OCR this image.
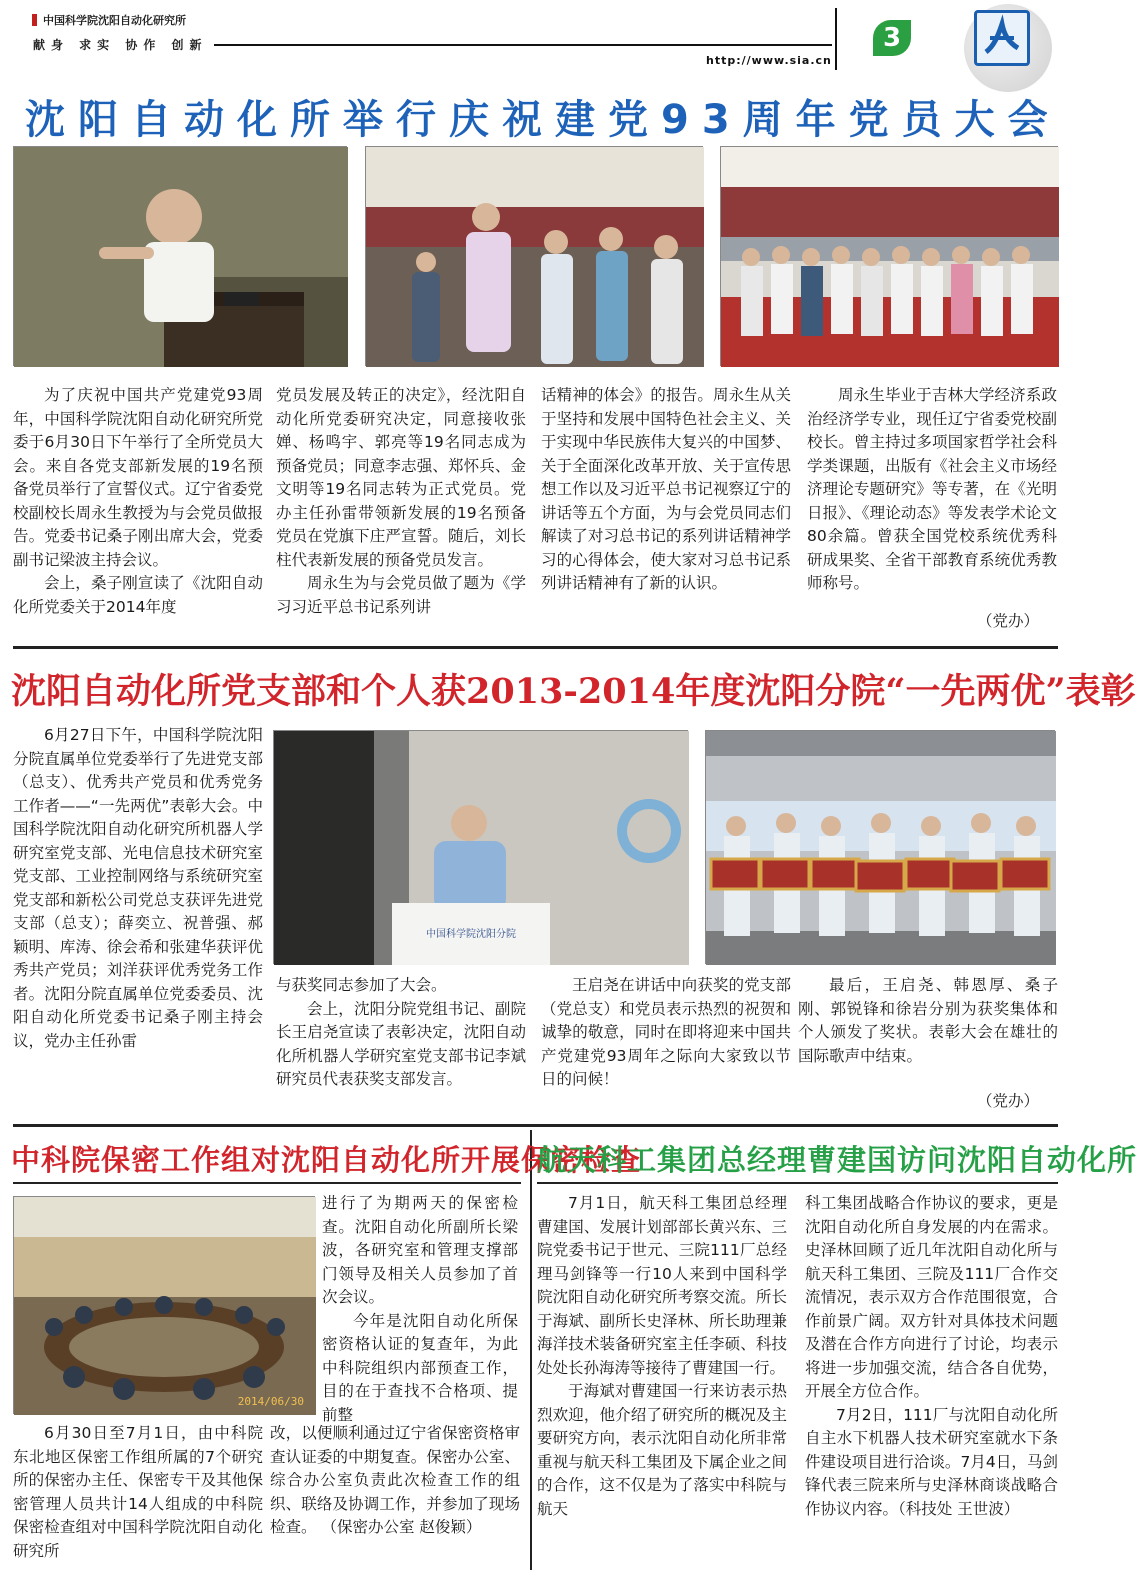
中国科学院沈阳自动化研究所
献身 求实 协作 创新
http://www.sia.cn
3
沈阳自动化所举行庆祝建党93周年党员大会

为了庆祝中国共产党建党93周年，中国科学院沈阳自动化研究所党委于6月30日下午举行了全所党员大会。来自各党支部新发展的19名预备党员举行了宣誓仪式。辽宁省委党校副校长周永生教授为与会党员做报告。党委书记桑子刚出席大会，党委副书记梁波主持会议。

会上，桑子刚宣读了《沈阳自动化所党委关于2014年度

党员发展及转正的决定》，经沈阳自动化所党委研究决定，同意接收张婵、杨鸣宇、郭亮等19名同志成为预备党员；同意李志强、郑怀兵、金文明等19名同志转为正式党员。党办主任孙雷带领新发展的19名预备党员在党旗下庄严宣誓。随后，刘长柱代表新发展的预备党员发言。

周永生为与会党员做了题为《学习习近平总书记系列讲

话精神的体会》的报告。周永生从关于坚持和发展中国特色社会主义、关于实现中华民族伟大复兴的中国梦、关于全面深化改革开放、关于宣传思想工作以及习近平总书记视察辽宁的讲话等五个方面，为与会党员同志们解读了对习总书记的系列讲话精神学习的心得体会，使大家对习总书记系列讲话精神有了新的认识。

周永生毕业于吉林大学经济系政治经济学专业，现任辽宁省委党校副校长。曾主持过多项国家哲学社会科学类课题，出版有《社会主义市场经济理论专题研究》等专著，在《光明日报》、《理论动态》等发表学术论文80余篇。曾获全国党校系统优秀科研成果奖、全省干部教育系统优秀教师称号。

（党办）
沈阳自动化所党支部和个人获2013-2014年度沈阳分院“一先两优”表彰

6月27日下午，中国科学院沈阳分院直属单位党委举行了先进党支部（总支）、优秀共产党员和优秀党务工作者——“一先两优”表彰大会。中国科学院沈阳自动化研究所机器人学研究室党支部、光电信息技术研究室党支部、工业控制网络与系统研究室党支部和新松公司党总支获评先进党支部（总支）；薛奕立、祝普强、郝颖明、库涛、徐会希和张建华获评优秀共产党员；刘洋获评优秀党务工作者。沈阳分院直属单位党委委员、沈阳自动化所党委书记桑子刚主持会议，党办主任孙雷

中国科学院沈阳分院

与获奖同志参加了大会。

会上，沈阳分院党组书记、副院长王启尧宣读了表彰决定，沈阳自动化所机器人学研究室党支部书记李斌研究员代表获奖支部发言。

王启尧在讲话中向获奖的党支部（党总支）和党员表示热烈的祝贺和诚挚的敬意，同时在即将迎来中国共产党建党93周年之际向大家致以节日的问候！

最后，王启尧、韩恩厚、桑子刚、郭锐锋和徐岩分别为获奖集体和个人颁发了奖状。表彰大会在雄壮的国际歌声中结束。

（党办）
中科院保密工作组对沈阳自动化所开展保密检查
2014/06/30

进行了为期两天的保密检查。沈阳自动化所副所长梁波，各研究室和管理支撑部门领导及相关人员参加了首次会议。

今年是沈阳自动化所保密资格认证的复查年，为此中科院组织内部预查工作，目的在于查找不合格项、提前整

6月30日至7月1日，由中科院东北地区保密工作组所属的7个研究所的保密办主任、保密专干及其他保密管理人员共计14人组成的中科院保密检查组对中国科学院沈阳自动化研究所

改，以便顺利通过辽宁省保密资格审查认证委的中期复查。保密办公室、综合办公室负责此次检查工作的组织、联络及协调工作，并参加了现场检查。 （保密办公室 赵俊颖）

航天科工集团总经理曹建国访问沈阳自动化所

7月1日，航天科工集团总经理曹建国、发展计划部部长黄兴东、三院党委书记于世元、三院111厂总经理马剑锋等一行10人来到中国科学院沈阳自动化研究所考察交流。所长于海斌、副所长史泽林、所长助理兼海洋技术装备研究室主任李硕、科技处处长孙海涛等接待了曹建国一行。

于海斌对曹建国一行来访表示热烈欢迎，他介绍了研究所的概况及主要研究方向，表示沈阳自动化所非常重视与航天科工集团及下属企业之间的合作，这不仅是为了落实中科院与航天

科工集团战略合作协议的要求，更是沈阳自动化所自身发展的内在需求。史泽林回顾了近几年沈阳自动化所与航天科工集团、三院及111厂合作交流情况，表示双方合作范围很宽，合作前景广阔。双方针对具体技术问题及潜在合作方向进行了讨论，均表示将进一步加强交流，结合各自优势，开展全方位合作。

7月2日，111厂与沈阳自动化所自主水下机器人技术研究室就水下条件建设项目进行洽谈。7月4日，马剑锋代表三院来所与史泽林商谈战略合作协议内容。（科技处 王世波）
